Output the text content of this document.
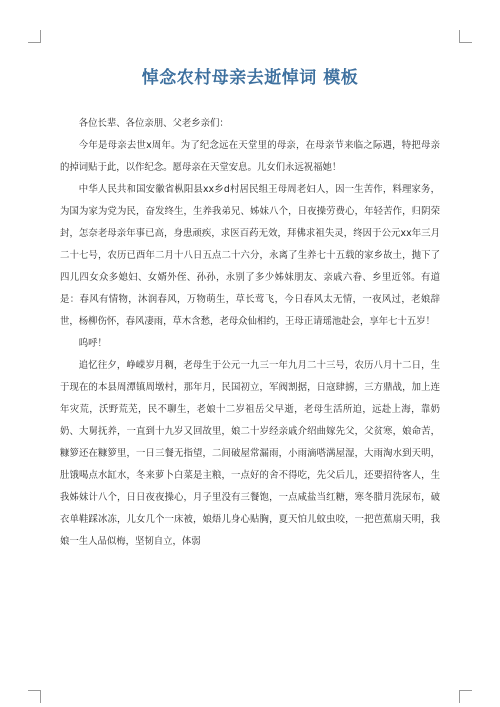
悼念农村母亲去逝悼词 模板

各位长辈、各位亲朋、父老乡亲们：

今年是母亲去世x周年。为了纪念远在天堂里的母亲，在母亲节来临之际遇，特把母亲的掉词贴于此，以作纪念。愿母亲在天堂安息。儿女们永远祝福她！

中华人民共和国安徽省枞阳县xx乡d村居民组王母周老妇人，因一生苦作，料理家务，为国为家为党为民，奋发终生，生养我弟兄、姊妹八个，日夜操劳费心，年轻苦作，归阴荣封，怎奈老母亲年事已高，身患顽疾，求医百药无效，拜佛求祖失灵，终因于公元xx年三月二十七号，农历已酉年二月十八日五点二十六分，永离了生养七十五载的家乡故土，抛下了四儿四女众多媳妇、女婿外侄、孙孙，永别了多少姊妹朋友、亲戚六眷、乡里近邻。有道是：春风有情物，沐润春风，万物萌生，草长莺飞，今日春风太无情，一夜风过，老娘辞世，杨柳伤怀，春风凄雨，草木含愁，老母众仙相约，王母正请瑶池赴会，享年七十五岁！

呜呼！

追忆往夕，峥嵘岁月稠，老母生于公元一九三一年九月二十三号，农历八月十二日，生于现在的本县周潭镇周墩村，那年月，民国初立，军阀割据，日寇肆掳，三方鼎战，加上连年灾荒，沃野荒芜，民不聊生，老娘十二岁祖岳父早逝，老母生活所迫，远赴上海，靠奶奶、大舅抚养，一直到十九岁又回故里，娘二十岁经亲戚介绍曲嫁先父，父贫寒，娘命苦，糠箩还在糠箩里，一日三餐无指望，二间破屋常漏雨，小雨滴嗒满屋湿，大雨淘水到天明，肚饿喝点水缸水，冬来萝卜白菜是主粮，一点好的舍不得吃，先父后儿，还要招待客人，生我姊妹计八个，日日夜夜操心，月子里没有三餐饱，一点咸盐当红糖，寒冬腊月洗尿布，破衣单鞋踩冰冻，儿女几个一床被，娘焐儿身心贴胸，夏天怕儿蚊虫咬，一把芭蕉扇天明，我娘一生人品似梅，坚韧自立，体弱
